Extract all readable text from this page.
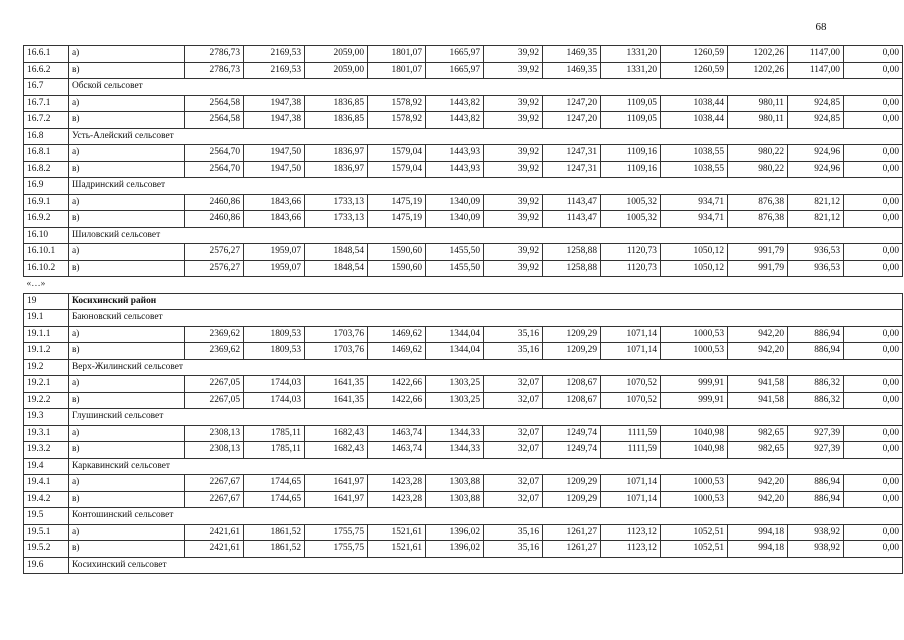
68
16.6.1	а)	2786,73	2169,53	2059,00	1801,07	1665,97	39,92	1469,35	1331,20	1260,59	1202,26	1147,00	0,00
16.6.2	в)	2786,73	2169,53	2059,00	1801,07	1665,97	39,92	1469,35	1331,20	1260,59	1202,26	1147,00	0,00
16.7	Обской сельсовет												
16.7.1	а)	2564,58	1947,38	1836,85	1578,92	1443,82	39,92	1247,20	1109,05	1038,44	980,11	924,85	0,00
16.7.2	в)	2564,58	1947,38	1836,85	1578,92	1443,82	39,92	1247,20	1109,05	1038,44	980,11	924,85	0,00
16.8	Усть-Алейский сельсовет												
16.8.1	а)	2564,70	1947,50	1836,97	1579,04	1443,93	39,92	1247,31	1109,16	1038,55	980,22	924,96	0,00
16.8.2	в)	2564,70	1947,50	1836,97	1579,04	1443,93	39,92	1247,31	1109,16	1038,55	980,22	924,96	0,00
16.9	Шадринский сельсовет												
16.9.1	а)	2460,86	1843,66	1733,13	1475,19	1340,09	39,92	1143,47	1005,32	934,71	876,38	821,12	0,00
16.9.2	в)	2460,86	1843,66	1733,13	1475,19	1340,09	39,92	1143,47	1005,32	934,71	876,38	821,12	0,00
16.10	Шиловский сельсовет												
16.10.1	а)	2576,27	1959,07	1848,54	1590,60	1455,50	39,92	1258,88	1120,73	1050,12	991,79	936,53	0,00
16.10.2	в)	2576,27	1959,07	1848,54	1590,60	1455,50	39,92	1258,88	1120,73	1050,12	991,79	936,53	0,00
«…»													
19	Косихинский район												
19.1	Баюновский сельсовет												
19.1.1	а)	2369,62	1809,53	1703,76	1469,62	1344,04	35,16	1209,29	1071,14	1000,53	942,20	886,94	0,00
19.1.2	в)	2369,62	1809,53	1703,76	1469,62	1344,04	35,16	1209,29	1071,14	1000,53	942,20	886,94	0,00
19.2	Верх-Жилинский сельсовет												
19.2.1	а)	2267,05	1744,03	1641,35	1422,66	1303,25	32,07	1208,67	1070,52	999,91	941,58	886,32	0,00
19.2.2	в)	2267,05	1744,03	1641,35	1422,66	1303,25	32,07	1208,67	1070,52	999,91	941,58	886,32	0,00
19.3	Глушинский сельсовет												
19.3.1	а)	2308,13	1785,11	1682,43	1463,74	1344,33	32,07	1249,74	1111,59	1040,98	982,65	927,39	0,00
19.3.2	в)	2308,13	1785,11	1682,43	1463,74	1344,33	32,07	1249,74	1111,59	1040,98	982,65	927,39	0,00
19.4	Каркавинский сельсовет												
19.4.1	а)	2267,67	1744,65	1641,97	1423,28	1303,88	32,07	1209,29	1071,14	1000,53	942,20	886,94	0,00
19.4.2	в)	2267,67	1744,65	1641,97	1423,28	1303,88	32,07	1209,29	1071,14	1000,53	942,20	886,94	0,00
19.5	Контошинский сельсовет												
19.5.1	а)	2421,61	1861,52	1755,75	1521,61	1396,02	35,16	1261,27	1123,12	1052,51	994,18	938,92	0,00
19.5.2	в)	2421,61	1861,52	1755,75	1521,61	1396,02	35,16	1261,27	1123,12	1052,51	994,18	938,92	0,00
19.6	Косихинский сельсовет												
